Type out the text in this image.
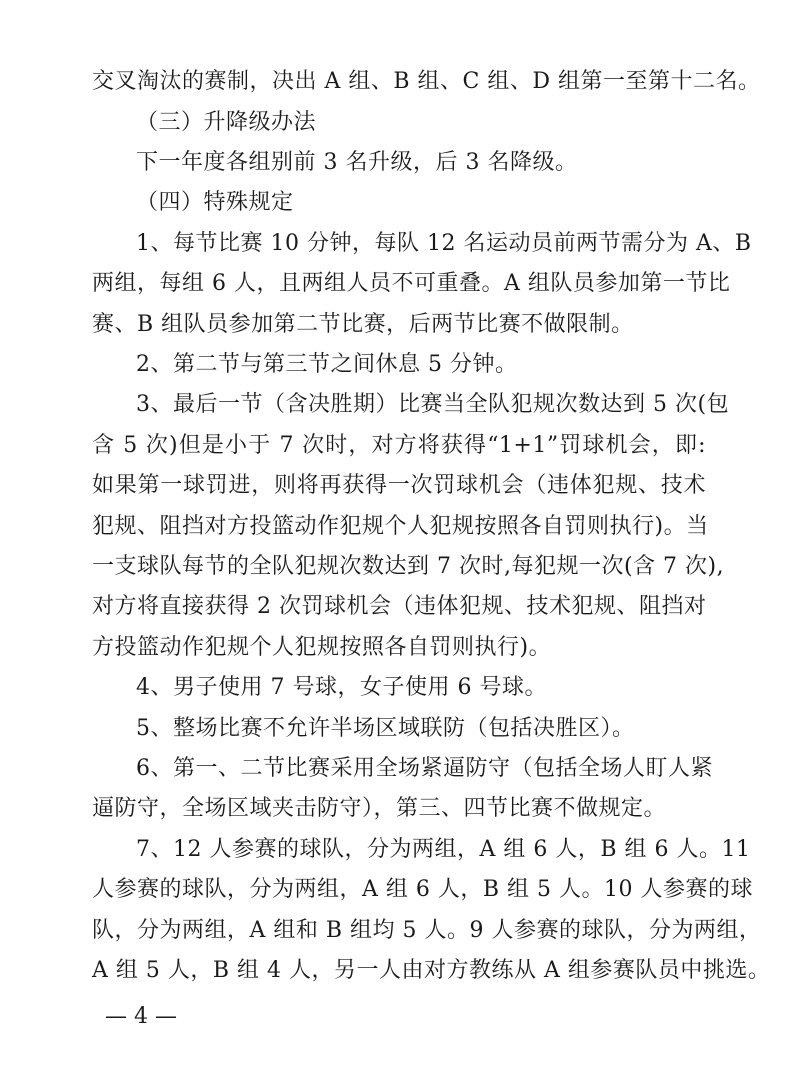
交叉淘汰的赛制，决出 A 组、B 组、C 组、D 组第一至第十二名。
（三）升降级办法
下一年度各组别前 3 名升级，后 3 名降级。
（四）特殊规定
1、每节比赛 10 分钟，每队 12 名运动员前两节需分为 A、B
两组，每组 6 人，且两组人员不可重叠。A 组队员参加第一节比
赛、B 组队员参加第二节比赛，后两节比赛不做限制。
2、第二节与第三节之间休息 5 分钟。
3、最后一节（含决胜期）比赛当全队犯规次数达到 5 次(包
含 5 次)但是小于 7 次时，对方将获得“1+1”罚球机会，即:
如果第一球罚进，则将再获得一次罚球机会（违体犯规、技术
犯规、阻挡对方投篮动作犯规个人犯规按照各自罚则执行)。当
一支球队每节的全队犯规次数达到 7 次时,每犯规一次(含 7 次),
对方将直接获得 2 次罚球机会（违体犯规、技术犯规、阻挡对
方投篮动作犯规个人犯规按照各自罚则执行)。
4、男子使用 7 号球，女子使用 6 号球。
5、整场比赛不允许半场区域联防（包括决胜区）。
6、第一、二节比赛采用全场紧逼防守（包括全场人盯人紧
逼防守，全场区域夹击防守），第三、四节比赛不做规定。
7、12 人参赛的球队，分为两组，A 组 6 人，B 组 6 人。11
人参赛的球队，分为两组，A 组 6 人，B 组 5 人。10 人参赛的球
队，分为两组，A 组和 B 组均 5 人。9 人参赛的球队，分为两组，
A 组 5 人，B 组 4 人，另一人由对方教练从 A 组参赛队员中挑选。
— 4 —
